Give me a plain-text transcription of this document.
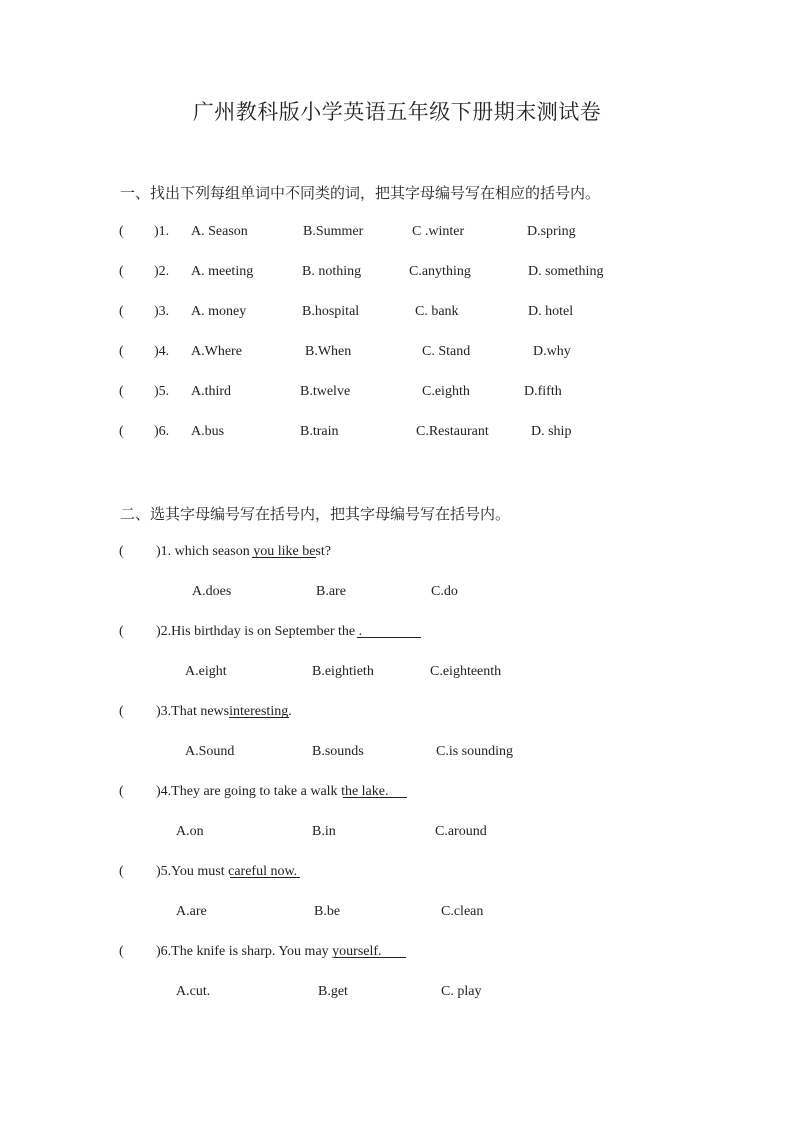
广州教科版小学英语五年级下册期末测试卷
一、找出下列每组单词中不同类的词，把其字母编号写在相应的括号内。
( )1. A. Season	B.Summer	C .winter	D.spring
( )2. A. meeting	B. nothing	C.anything	D. something
( )3. A. money	B.hospital	C. bank	D. hotel
( )4. A.Where	B.When	C. Stand	D.why
( )5. A.third	B.twelve	C.eighth	D.fifth
( )6. A.bus	B.train	C.Restaurant	D. ship
二、选其字母编号写在括号内，把其字母编号写在括号内。
( )1. which season
you like best?
A.does	B.are	C.do
( )2.His birthday is on September the
.
A.eight	B.eightieth	C.eighteenth
( )3.That news
interesting.
A.Sound	B.sounds	C.is sounding
( )4.They are going to take a walk
the lake.
A.on	B.in	C.around
( )5.You must
careful now.
A.are	B.be	C.clean
( )6.The knife is sharp. You may
yourself.
A.cut.	B.get	C. play
